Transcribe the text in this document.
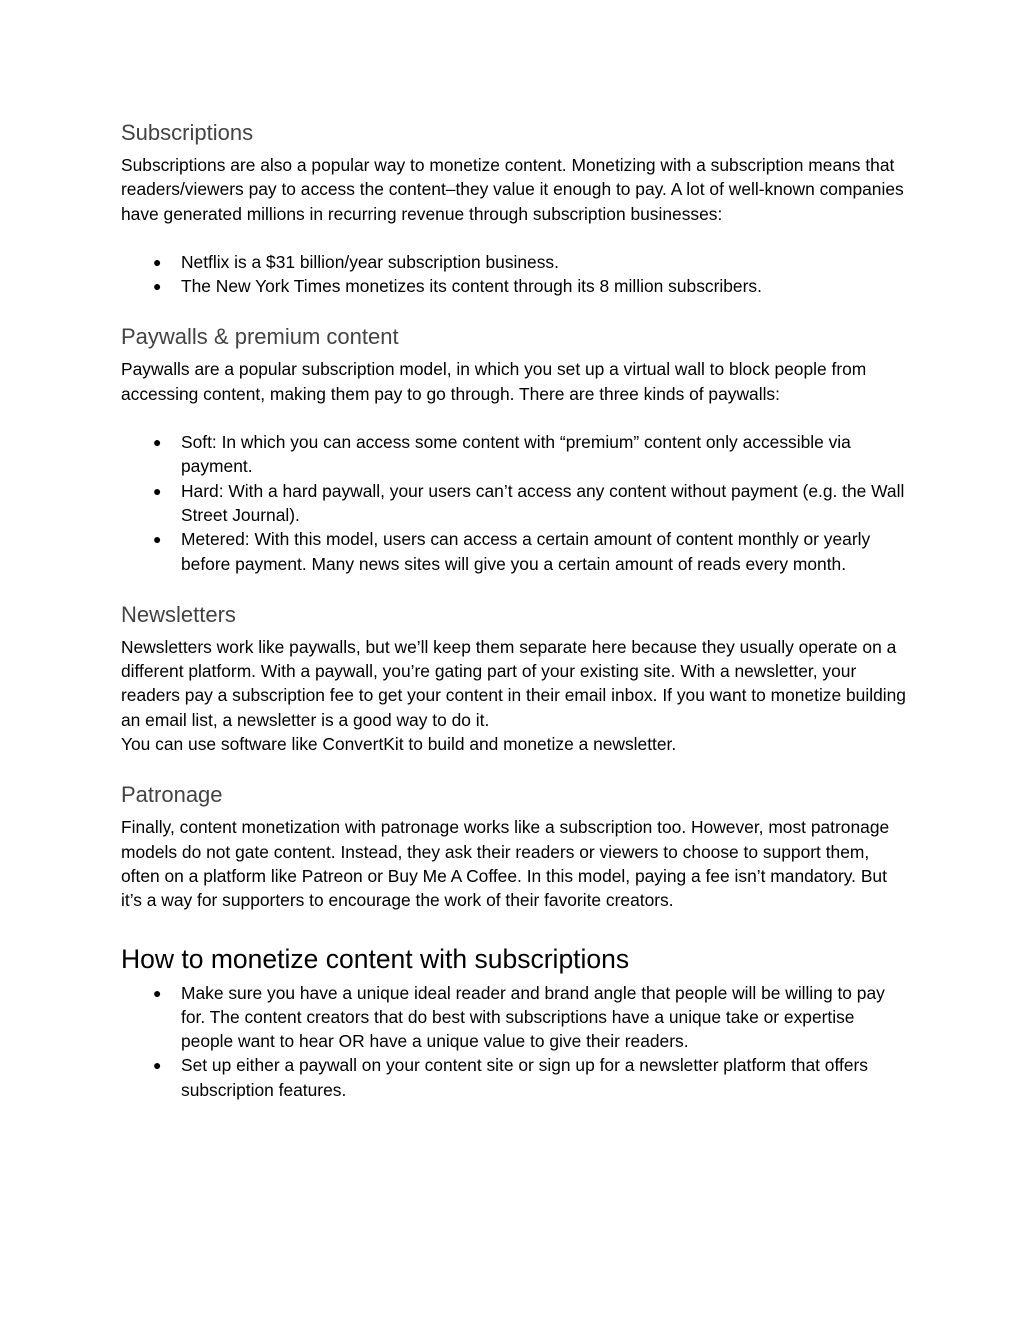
Subscriptions

Subscriptions are also a popular way to monetize content. Monetizing with a subscription means that readers/viewers pay to access the content–they value it enough to pay. A lot of well-known companies have generated millions in recurring revenue through subscription businesses:

● Netflix is a $31 billion/year subscription business.
● The New York Times monetizes its content through its 8 million subscribers.
Paywalls & premium content

Paywalls are a popular subscription model, in which you set up a virtual wall to block people from accessing content, making them pay to go through. There are three kinds of paywalls:

● Soft: In which you can access some content with “premium” content only accessible via payment.
● Hard: With a hard paywall, your users can’t access any content without payment (e.g. the Wall Street Journal).
● Metered: With this model, users can access a certain amount of content monthly or yearly before payment. Many news sites will give you a certain amount of reads every month.
Newsletters

Newsletters work like paywalls, but we’ll keep them separate here because they usually operate on a different platform. With a paywall, you’re gating part of your existing site. With a newsletter, your readers pay a subscription fee to get your content in their email inbox. If you want to monetize building an email list, a newsletter is a good way to do it.

You can use software like ConvertKit to build and monetize a newsletter.

Patronage

Finally, content monetization with patronage works like a subscription too. However, most patronage models do not gate content. Instead, they ask their readers or viewers to choose to support them, often on a platform like Patreon or Buy Me A Coffee. In this model, paying a fee isn’t mandatory. But it’s a way for supporters to encourage the work of their favorite creators.

How to monetize content with subscriptions
● Make sure you have a unique ideal reader and brand angle that people will be willing to pay for. The content creators that do best with subscriptions have a unique take or expertise people want to hear OR have a unique value to give their readers.
● Set up either a paywall on your content site or sign up for a newsletter platform that offers subscription features.
